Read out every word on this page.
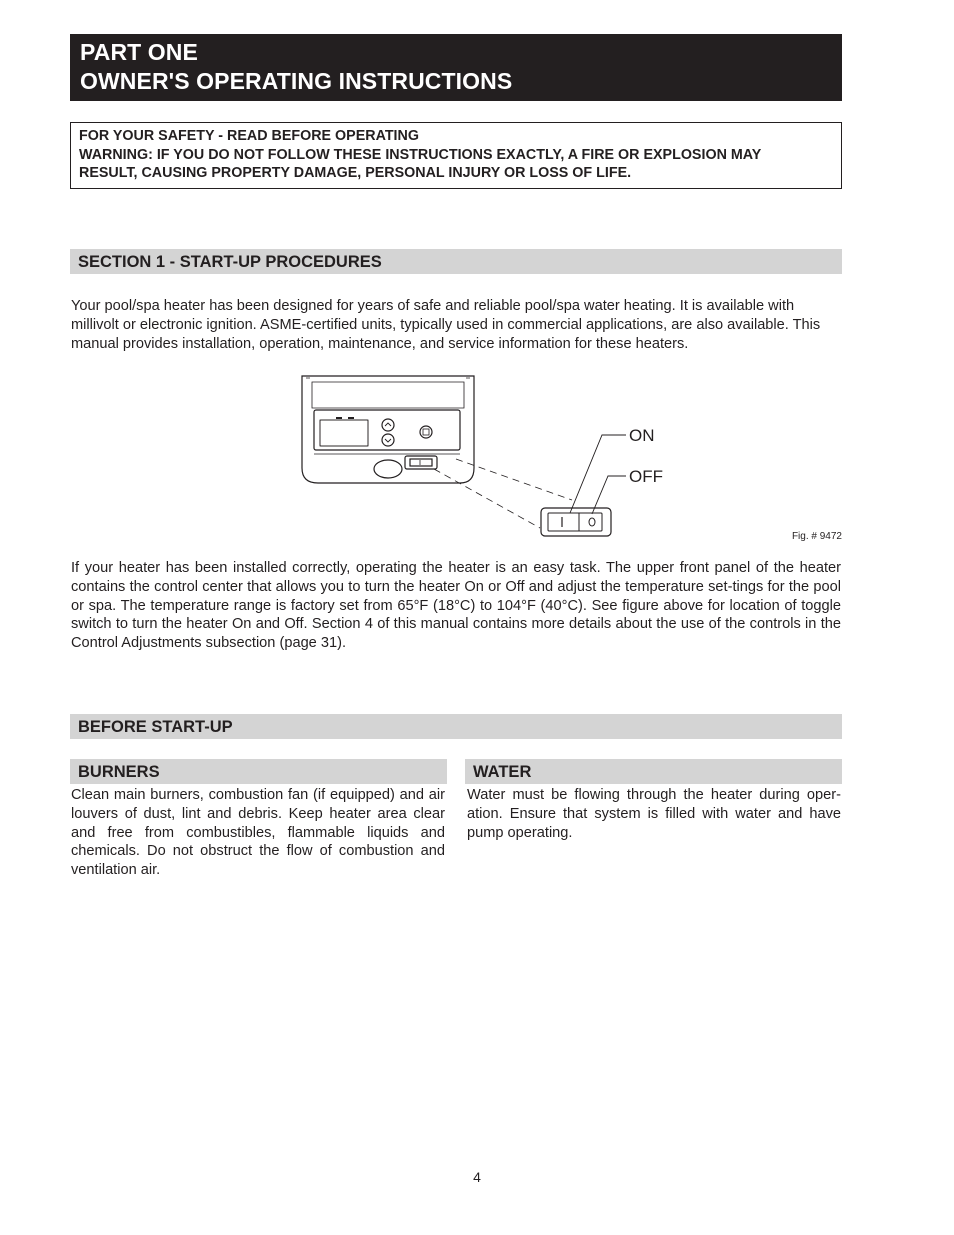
PART ONE
OWNER'S OPERATING INSTRUCTIONS
FOR YOUR SAFETY - READ BEFORE OPERATING
WARNING: IF YOU DO NOT FOLLOW THESE INSTRUCTIONS EXACTLY, A FIRE OR EXPLOSION MAY
RESULT, CAUSING PROPERTY DAMAGE, PERSONAL INJURY OR LOSS OF LIFE.
SECTION 1 - START-UP PROCEDURES

Your pool/spa heater has been designed for years of safe and reliable pool/spa water heating. It is available with millivolt or electronic ignition. ASME-certified units, typically used in commercial applications, are also available. This manual provides installation, operation, maintenance, and service information for these heaters.

ON
OFF
Fig. # 9472

If your heater has been installed correctly, operating the heater is an easy task. The upper front panel of the heater contains the control center that allows you to turn the heater On or Off and adjust the temperature set-tings for the pool or spa. The temperature range is factory set from 65°F (18°C) to 104°F (40°C). See figure above for location of toggle switch to turn the heater On and Off. Section 4 of this manual contains more details about the use of the controls in the Control Adjustments subsection (page 31).

BEFORE START-UP
BURNERS

Clean main burners, combustion fan (if equipped) and air louvers of dust, lint and debris. Keep heater area clear and free from combustibles, flammable liquids and chemicals. Do not obstruct the flow of combustion and ventilation air.

WATER

Water must be flowing through the heater during oper-ation. Ensure that system is filled with water and have pump operating.

4
